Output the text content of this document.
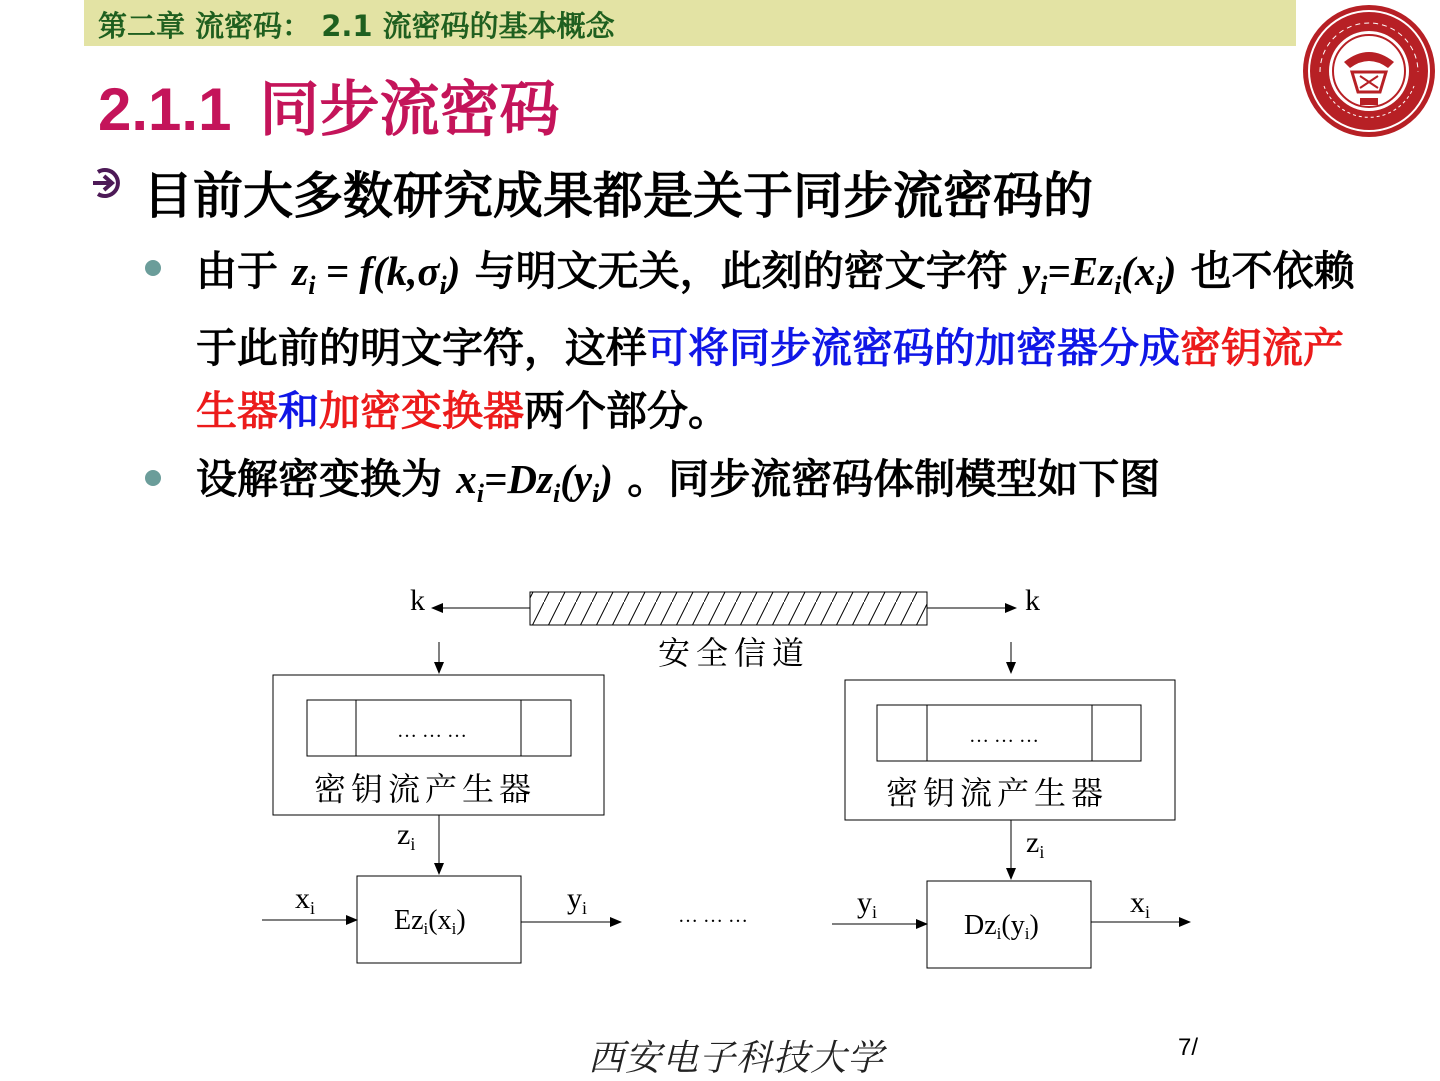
第二章 流密码： 2.1 流密码的基本概念
2.1.1 同步流密码
目前大多数研究成果都是关于同步流密码的
由于 $z_i = f(k,\sigma_i)$ 与明文无关，此刻的密文字符 $y_i=Ez_i(x_i)$ 也不依赖于此前的明文字符，这样可将同步流密码的加密器分成密钥流产生器和加密变换器两个部分。
设解密变换为 $x_i=Dz_i(y_i)$ 。同步流密码体制模型如下图
k	k
安全信道
… … …
密钥流产生器
… … …
密钥流产生器
$z_i$	$z_i$
Ezi(xi)
$x_i$	$y_i$	… … …	Dzi(yi)
$y_i$	$x_i$
西安电子科技大学	7/
